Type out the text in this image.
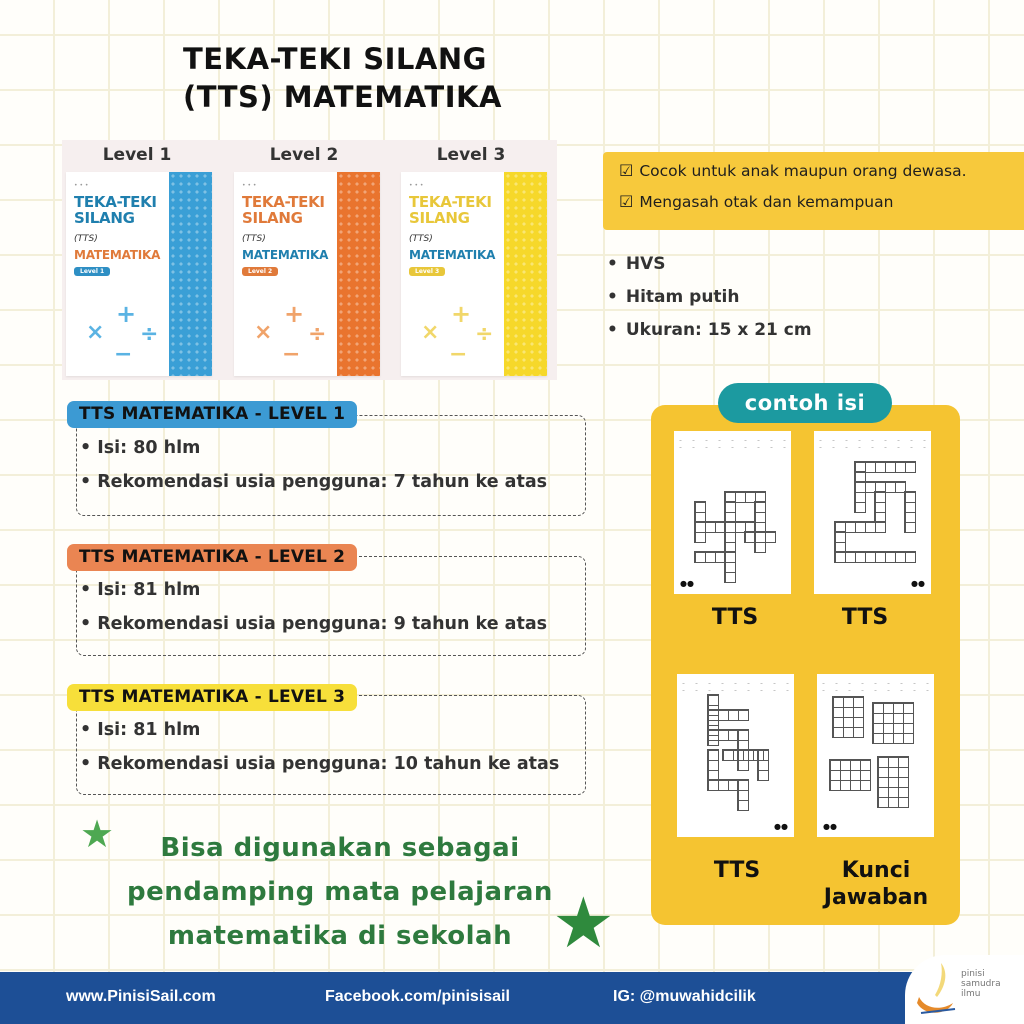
TEKA-TEKI SILANG
(TTS) MATEMATIKA
Level 1	Level 2	Level 3
• • •
TEKA-TEKI
SILANG
(TTS)
MATEMATIKA
Level 1
+
× ÷
−
• • •
TEKA-TEKI
SILANG
(TTS)
MATEMATIKA
Level 2
+
× ÷
−
• • •
TEKA-TEKI
SILANG
(TTS)
MATEMATIKA
Level 3
+
× ÷
−
☑ Cocok untuk anak maupun orang dewasa.
☑ Mengasah otak dan kemampuan
• HVS
• Hitam putih
• Ukuran: 15 x 21 cm
TTS MATEMATIKA - LEVEL 1
• Isi: 80 hlm
• Rekomendasi usia pengguna: 7 tahun ke atas
TTS MATEMATIKA - LEVEL 2
• Isi: 81 hlm
• Rekomendasi usia pengguna: 9 tahun ke atas
TTS MATEMATIKA - LEVEL 3
• Isi: 81 hlm
• Rekomendasi usia pengguna: 10 tahun ke atas
★	Bisa digunakan sebagai
pendamping mata pelajaran
matematika di sekolah ★
contoh isi
●●	●●
TTS	TTS
●●	●●
TTS	Kunci
Jawaban
www.PinisiSail.com	Facebook.com/pinisisail	IG: @muwahidcilik
pinisi
samudra
ilmu
